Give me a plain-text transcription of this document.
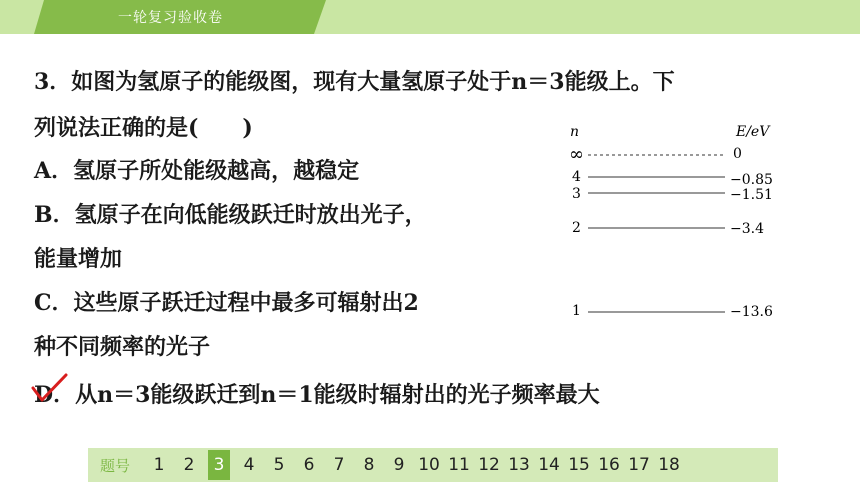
一轮复习验收卷
3．如图为氢原子的能级图，现有大量氢原子处于n＝3能级上。下
列说法正确的是(　　)
A．氢原子所处能级越高，越稳定
B．氢原子在向低能级跃迁时放出光子，
能量增加
C．这些原子跃迁过程中最多可辐射出2
种不同频率的光子
D．从n＝3能级跃迁到n＝1能级时辐射出的光子频率最大
n	E/eV
∞	0
4	−0.85
3	−1.51
2	−3.4
1	−13.6
题号	1	2	3	4	5	6	7	8	9 10 11 12 13 14 15 16 17 18
